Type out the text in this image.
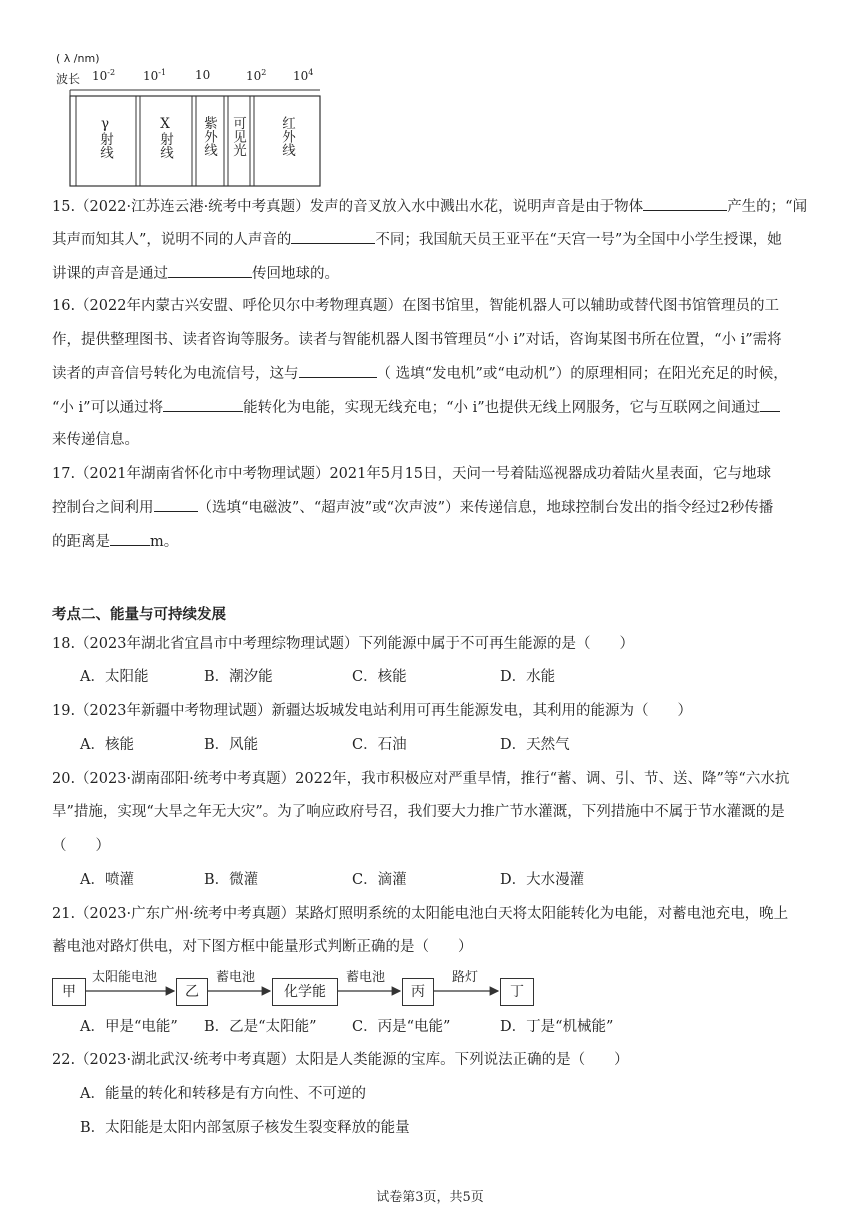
( λ /nm)
波长 $10^{-2}$ $10^{-1}$ 10	$10^2$ $10^4$
γ射线	X射线 紫外线 可见光 红外线
15.（2022·江苏连云港·统考中考真题）发声的音叉放入水中溅出水花，说明声音是由于物体	产生的；“闻
其声而知其人”，说明不同的人声音的	不同；我国航天员王亚平在“天宫一号”为全国中小学生授课，她
讲课的声音是通过	传回地球的。
16.（2022年内蒙古兴安盟、呼伦贝尔中考物理真题）在图书馆里，智能机器人可以辅助或替代图书馆管理员的工
作，提供整理图书、读者咨询等服务。读者与智能机器人图书管理员“小 i”对话，咨询某图书所在位置，“小 i”需将
读者的声音信号转化为电流信号，这与	（ 选填“发电机”或“电动机”）的原理相同；在阳光充足的时候，
“小 i”可以通过将	能转化为电能，实现无线充电；“小 i”也提供无线上网服务，它与互联网之间通过
来传递信息。
17.（2021年湖南省怀化市中考物理试题）2021年5月15日，天问一号着陆巡视器成功着陆火星表面，它与地球
控制台之间利用	（选填“电磁波”、“超声波”或“次声波”）来传递信息，地球控制台发出的指令经过2秒传播
的距离是	m。
考点二、能量与可持续发展
18.（2023年湖北省宜昌市中考理综物理试题）下列能源中属于不可再生能源的是（　　）
A．太阳能	B．潮汐能	C．核能	D．水能
19.（2023年新疆中考物理试题）新疆达坂城发电站利用可再生能源发电，其利用的能源为（　　）
A．核能	B．风能	C．石油	D．天然气
20.（2023·湖南邵阳·统考中考真题）2022年，我市积极应对严重旱情，推行“蓄、调、引、节、送、降”等“六水抗
旱”措施，实现“大旱之年无大灾”。为了响应政府号召，我们要大力推广节水灌溉，下列措施中不属于节水灌溉的是
（　　）
A．喷灌	B．微灌	C．滴灌	D．大水漫灌
21.（2023·广东广州·统考中考真题）某路灯照明系统的太阳能电池白天将太阳能转化为电能，对蓄电池充电，晚上
蓄电池对路灯供电，对下图方框中能量形式判断正确的是（　　）
甲	乙	化学能	丙	丁
太阳能电池	蓄电池	蓄电池	路灯
A．甲是“电能” B．乙是“太阳能” C．丙是“电能”	D．丁是“机械能”
22.（2023·湖北武汉·统考中考真题）太阳是人类能源的宝库。下列说法正确的是（　　）
A．能量的转化和转移是有方向性、不可逆的
B．太阳能是太阳内部氢原子核发生裂变释放的能量
试卷第3页，共5页
